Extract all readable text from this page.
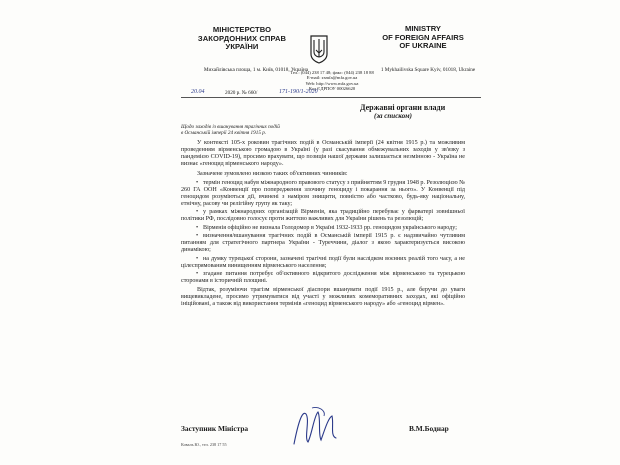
МІНІСТЕРСТВО
ЗАКОРДОННИХ СПРАВ
УКРАЇНИ
MINISTRY
OF FOREIGN AFFAIRS
OF UKRAINE
Михайлівська площа, 1 м. Київ, 01018, Україна
Тел.: (044) 238 17 48; факс: (044) 238 18 88
E-mail: zsmfa@mfa.gov.ua
Web: http://www.mfa.gov.ua
Код ЄДРПОУ 00026620
1 Mykhailivska Square Kyiv, 01018, Ukraine
20.04	2020 р. № 660/	171-190/1-2020
Державні органи влади
(за списком)
Щодо заходів із вшанування трагічних подій
в Османській імперії 24 квітня 1915 р.

У контексті 105-х роковин трагічних подій в Османській імперії (24 квітня 1915 р.) та можливим проведенням вірменською громадою в Україні (у разі скасування обмежувальних заходів у зв'язку з пандемією COVID-19), просимо врахувати, що позиція нашої держави залишається незмінною - Україна не визнає «геноцид вірменського народу».

Зазначене зумовлено низкою таких об'єктивних чинників:

• термін геноцид набув міжнародного правового статусу з прийняттям 9 грудня 1948 р. Резолюцією № 260 ГА ООН «Конвенції про попередження злочину геноциду і покарання за нього». У Конвенції під геноцидом розуміються дії, вчинені з наміром знищити, повністю або частково, будь-яку національну, етнічну, расову чи релігійну групу як таку;
• у рамках міжнародних організацій Вірменія, яка традиційно перебуває у фарватері зовнішньої політики РФ, послідовно голосує проти життєво важливих для України рішень та резолюцій;
• Вірменія офіційно не визнала Голодомор в Україні 1932-1933 рр. геноцидом українського народу;
• визначення/вшанування трагічних подій в Османській імперії 1915 р. є надзвичайно чутливим питанням для стратегічного партнера України - Туреччини, діалог з якою характеризується високою динамікою;
• на думку турецької сторони, зазначені трагічні події були наслідком воєнних реалій того часу, а не цілеспрямованим винищенням вірменського населення;
• згадане питання потребує об'єктивного відкритого дослідження між вірменською та турецькою сторонами в історичній площині.

Відтак, розуміючи трагізм вірменської діаспори вшанувати події 1915 р., але беручи до уваги вищевикладене, просимо утримуватися від участі у можливих комеморативних заходах, які офіційно ініційовані, а також від використання термінів «геноцид вірменського народу» або «геноцид вірмен».

Заступник Міністра	В.М.Боднар
Коваль Ю., тел. 238 17 55
